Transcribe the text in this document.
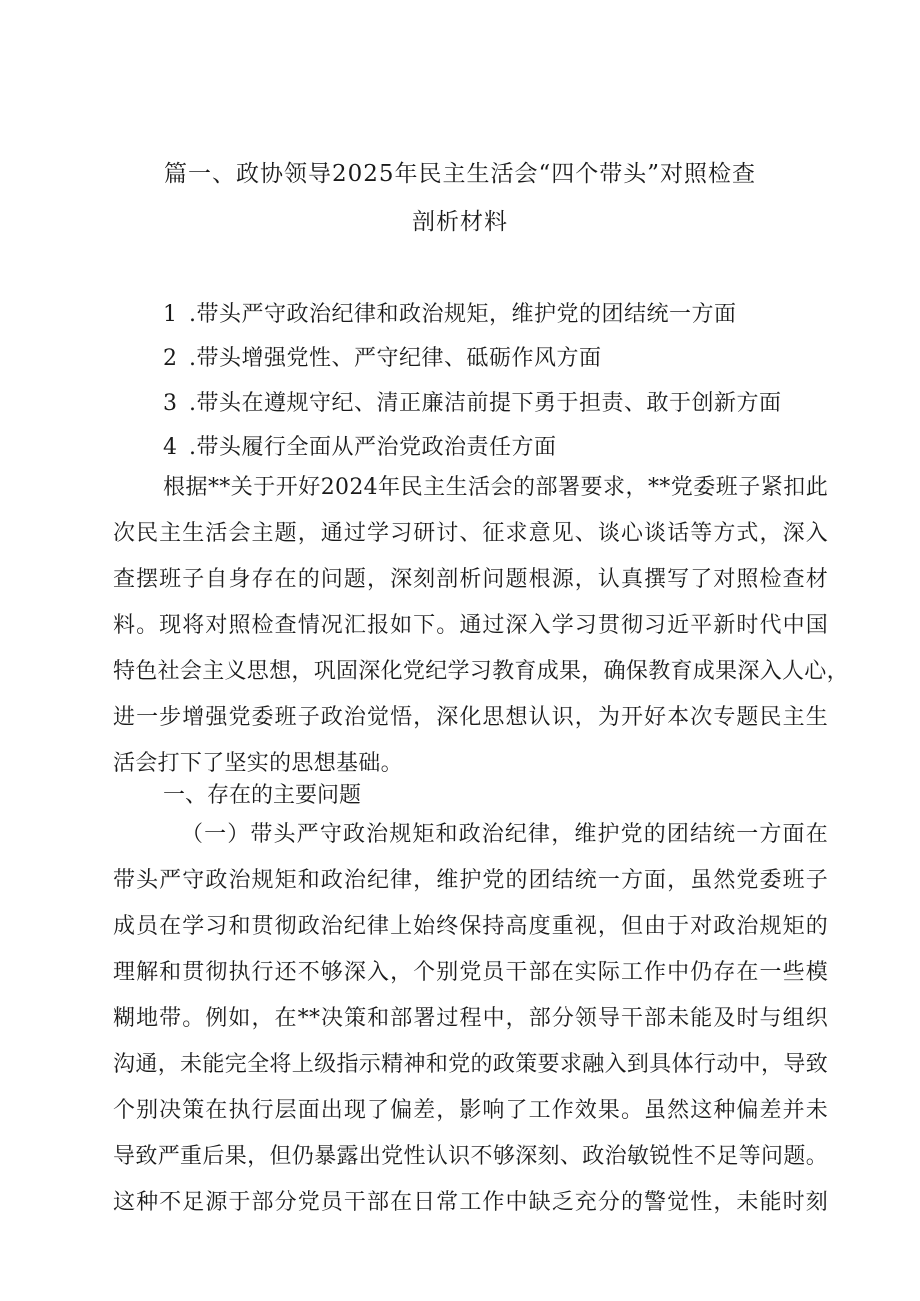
篇一、政协领导2025年民主生活会“四个带头”对照检查
剖析材料

1 .带头严守政治纪律和政治规矩，维护党的团结统一方面

2 .带头增强党性、严守纪律、砥砺作风方面

3 .带头在遵规守纪、清正廉洁前提下勇于担责、敢于创新方面

4 .带头履行全面从严治党政治责任方面

根据**关于开好2024年民主生活会的部署要求，**党委班子紧扣此
次民主生活会主题，通过学习研讨、征求意见、谈心谈话等方式，深入
查摆班子自身存在的问题，深刻剖析问题根源，认真撰写了对照检查材
料。现将对照检查情况汇报如下。通过深入学习贯彻习近平新时代中国
特色社会主义思想，巩固深化党纪学习教育成果，确保教育成果深入人心，
进一步增强党委班子政治觉悟，深化思想认识，为开好本次专题民主生
活会打下了坚实的思想基础。

一、存在的主要问题

（一）带头严守政治规矩和政治纪律，维护党的团结统一方面在
带头严守政治规矩和政治纪律，维护党的团结统一方面，虽然党委班子
成员在学习和贯彻政治纪律上始终保持高度重视，但由于对政治规矩的
理解和贯彻执行还不够深入，个别党员干部在实际工作中仍存在一些模
糊地带。例如，在**决策和部署过程中，部分领导干部未能及时与组织
沟通，未能完全将上级指示精神和党的政策要求融入到具体行动中，导致
个别决策在执行层面出现了偏差，影响了工作效果。虽然这种偏差并未
导致严重后果，但仍暴露出党性认识不够深刻、政治敏锐性不足等问题。
这种不足源于部分党员干部在日常工作中缺乏充分的警觉性，未能时刻
